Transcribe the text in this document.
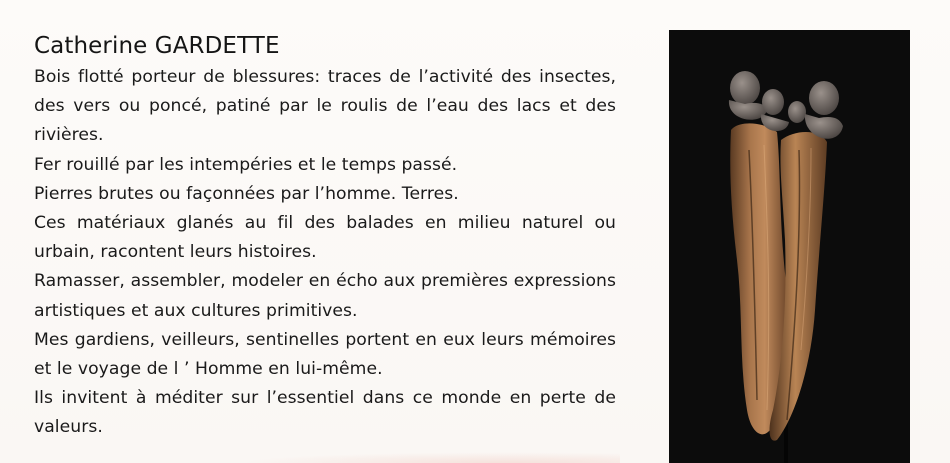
Catherine GARDETTE

Bois flotté porteur de blessures: traces de l’activité des insectes, des vers ou poncé, patiné par le roulis de l’eau des lacs et des rivières.

Fer rouillé par les intempéries et le temps passé.

Pierres brutes ou façonnées par l’homme. Terres.

Ces matériaux glanés au fil des balades en milieu naturel ou urbain, racontent leurs histoires.

Ramasser, assembler, modeler en écho aux premières expressions artistiques et aux cultures primitives.

Mes gardiens, veilleurs, sentinelles portent en eux leurs mémoires et le voyage de l ’ Homme en lui-même.

Ils invitent à méditer sur l’essentiel dans ce monde en perte de valeurs.
